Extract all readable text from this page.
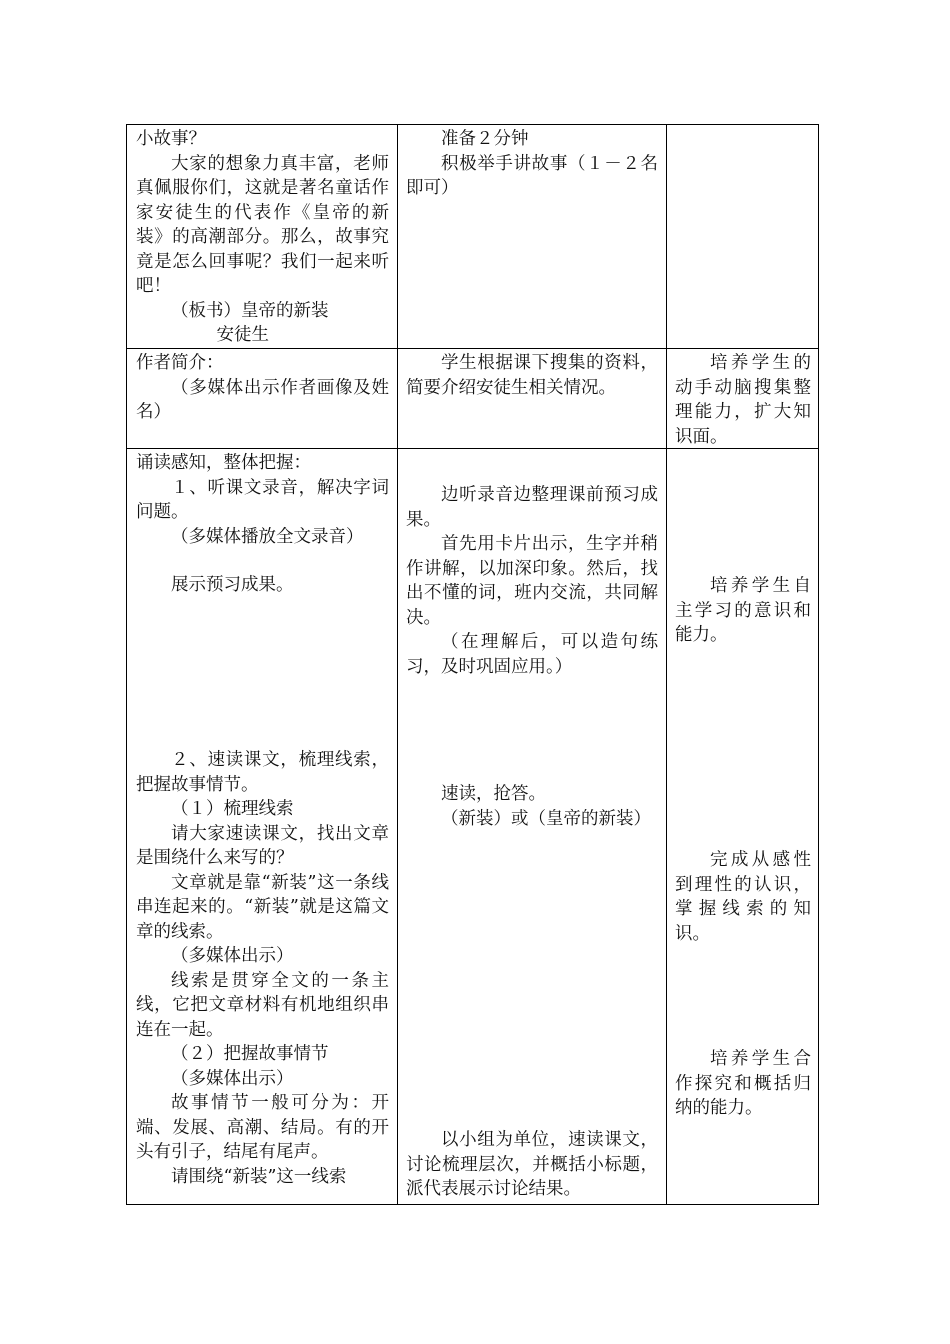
小故事？

大家的想象力真丰富，老师真佩服你们，这就是著名童话作家安徒生的代表作《皇帝的新装》的高潮部分。那么，故事究竟是怎么回事呢？我们一起来听吧！

（板书）皇帝的新装

安徒生

准备２分钟

积极举手讲故事（１－２名即可）

作者简介：

（多媒体出示作者画像及姓名）

学生根据课下搜集的资料，简要介绍安徒生相关情况。

培养学生的动手动脑搜集整理能力，扩大知识面。

诵读感知，整体把握：

１、听课文录音，解决字词问题。

（多媒体播放全文录音）

展示预习成果。

２、速读课文，梳理线索，把握故事情节。

（１）梳理线索

请大家速读课文，找出文章是围绕什么来写的？

文章就是靠“新装”这一条线串连起来的。“新装”就是这篇文章的线索。

（多媒体出示）

线索是贯穿全文的一条主线，它把文章材料有机地组织串连在一起。

（２）把握故事情节

（多媒体出示）

故事情节一般可分为：开端、发展、高潮、结局。有的开头有引子，结尾有尾声。

请围绕“新装”这一线索

边听录音边整理课前预习成果。

首先用卡片出示，生字并稍作讲解，以加深印象。然后，找出不懂的词，班内交流，共同解决。

（在理解后，可以造句练习，及时巩固应用。）

速读，抢答。

（新装）或（皇帝的新装）

以小组为单位，速读课文，讨论梳理层次，并概括小标题，派代表展示讨论结果。

培养学生自主学习的意识和能力。

完成从感性到理性的认识，掌握线索的知识。

培养学生合作探究和概括归纳的能力。
